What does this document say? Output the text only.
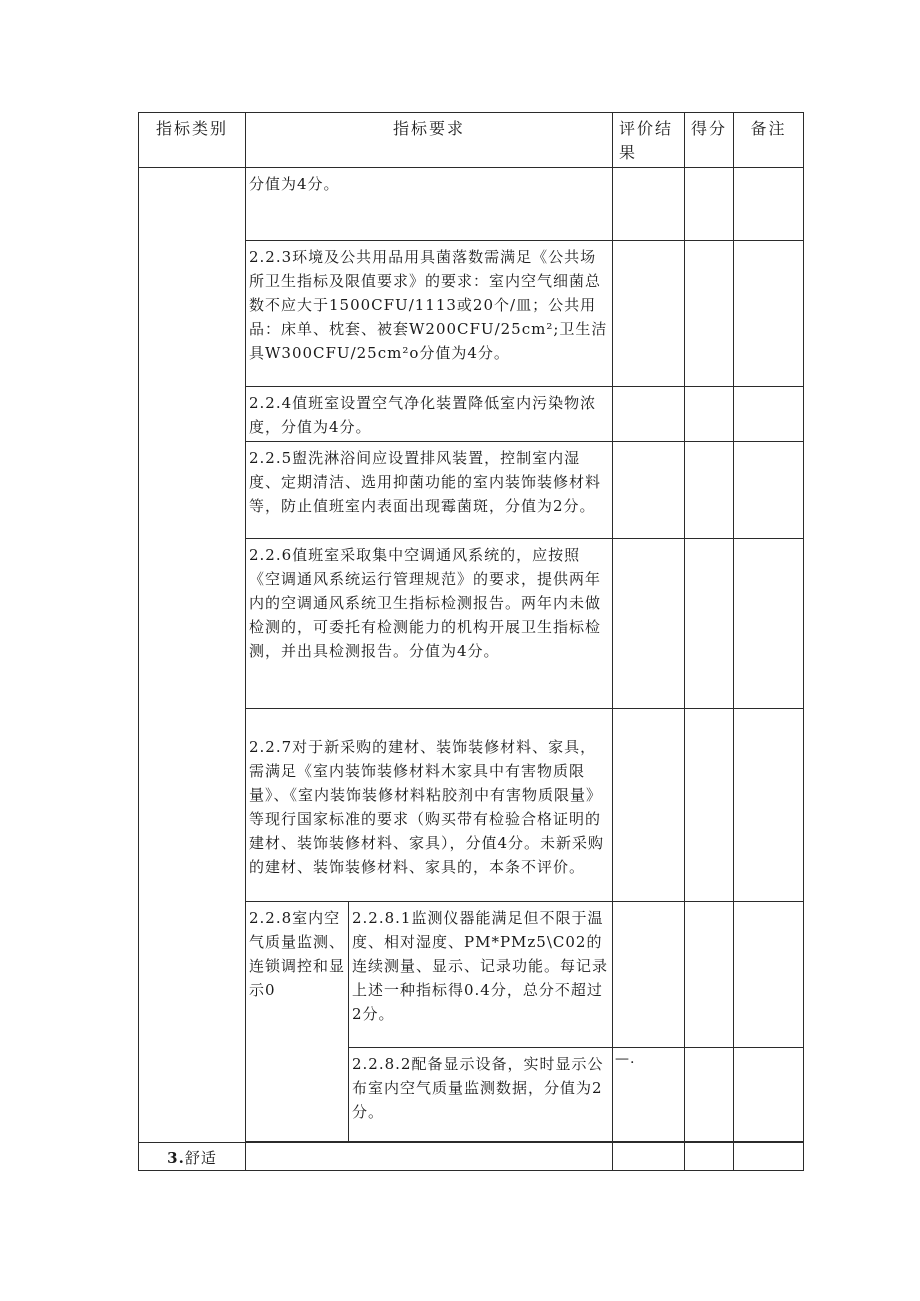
指标类别	指标要求		评价结果	得分	备注
	分值为4分。				
	2.2.3环境及公共用品用具菌落数需满足《公共场所卫生指标及限值要求》的要求：室内空气细菌总数不应大于1500CFU/1113或20个/皿；公共用品：床单、枕套、被套W200CFU/25cm²;卫生洁具W300CFU/25cm²o分值为4分。				
	2.2.4值班室设置空气净化装置降低室内污染物浓度，分值为4分。				
	2.2.5盥洗淋浴间应设置排风装置，控制室内湿度、定期清洁、选用抑菌功能的室内装饰装修材料等，防止值班室内表面出现霉菌斑，分值为2分。				
	2.2.6值班室采取集中空调通风系统的，应按照《空调通风系统运行管理规范》的要求，提供两年内的空调通风系统卫生指标检测报告。两年内未做检测的，可委托有检测能力的机构开展卫生指标检测，并出具检测报告。分值为4分。				
	2.2.7对于新采购的建材、装饰装修材料、家具，需满足《室内装饰装修材料木家具中有害物质限量》、《室内装饰装修材料粘胶剂中有害物质限量》等现行国家标准的要求（购买带有检验合格证明的建材、装饰装修材料、家具），分值4分。未新采购的建材、装饰装修材料、家具的，本条不评价。				
	2.2.8室内空气质量监测、连锁调控和显示0	2.2.8.1监测仪器能满足但不限于温度、相对湿度、PM*PMz5\C02的连续测量、显示、记录功能。每记录上述一种指标得0.4分，总分不超过2分。			
		2.2.8.2配备显示设备，实时显示公布室内空气质量监测数据，分值为2分。	—.		

3.舒适					
